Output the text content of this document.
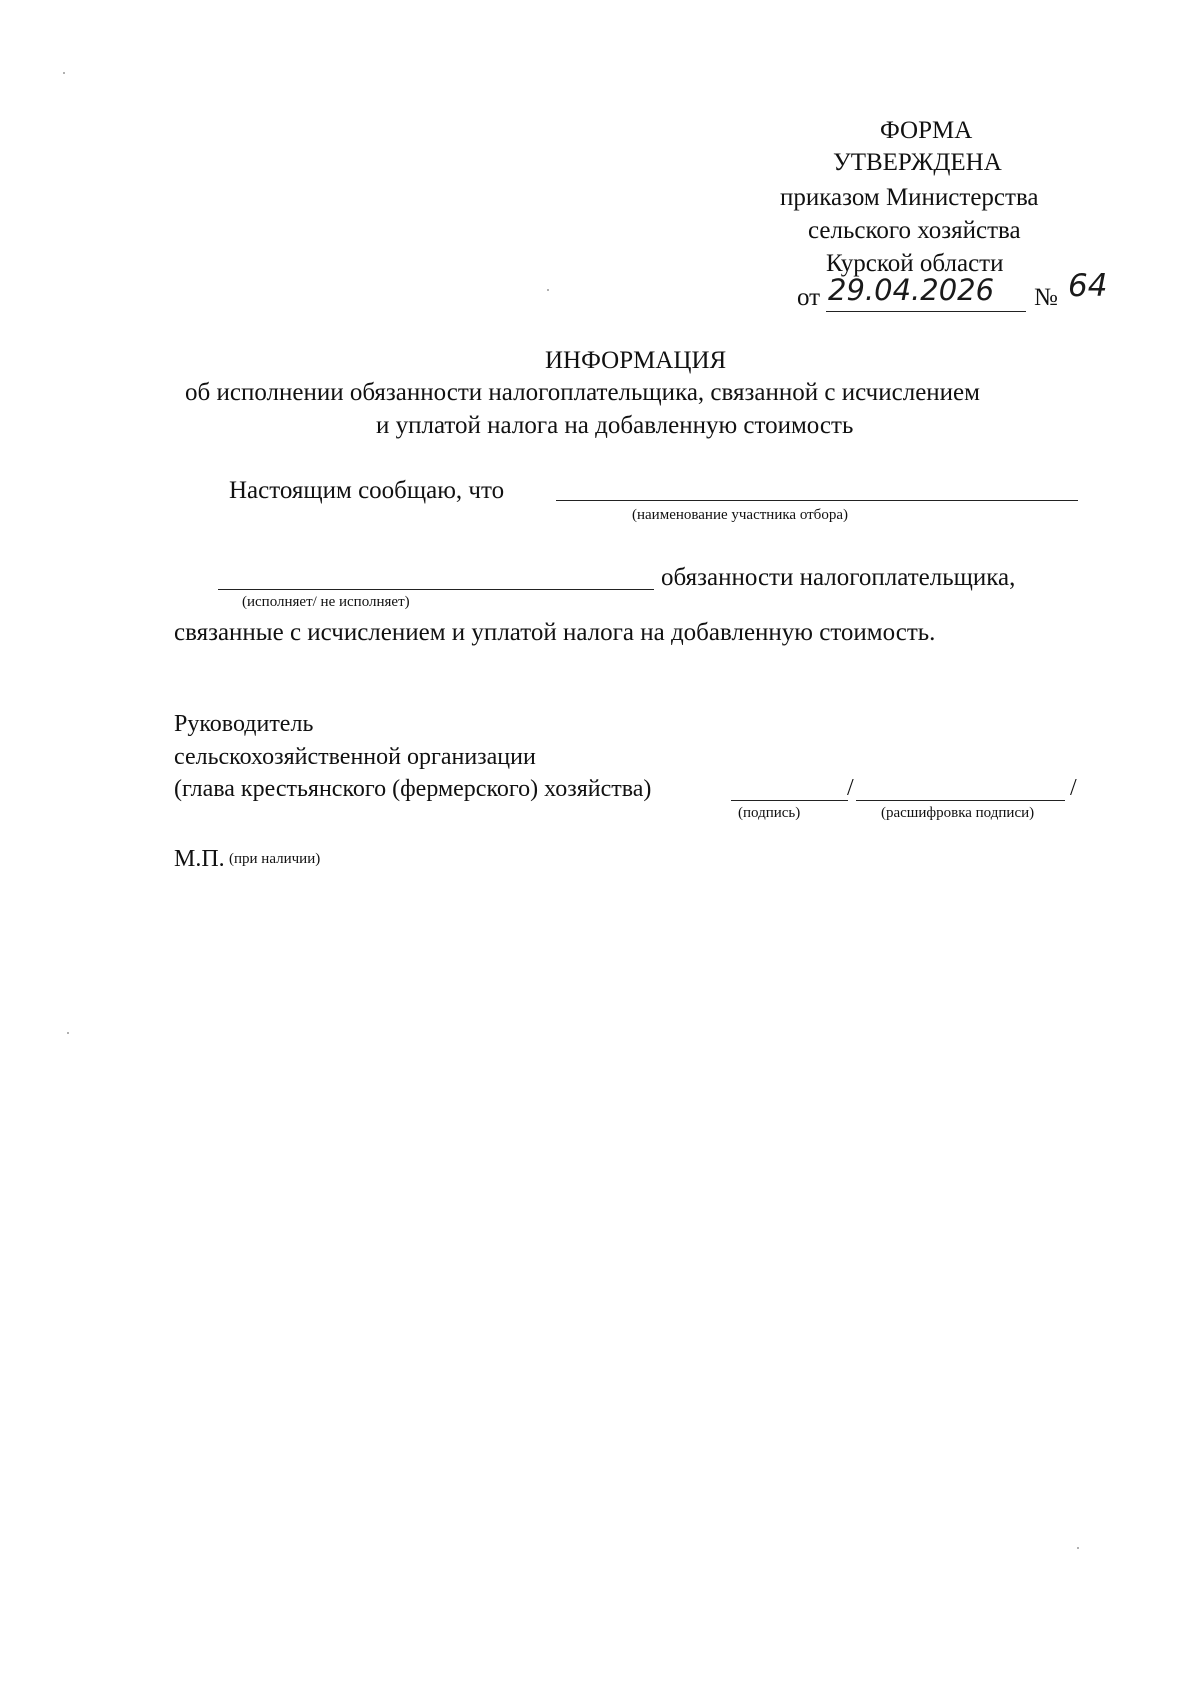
ФОРМА
УТВЕРЖДЕНА
приказом Министерства
сельского хозяйства
Курской области
от 29.04.2026 № 64
ИНФОРМАЦИЯ
об исполнении обязанности налогоплательщика, связанной с исчислением
и уплатой налога на добавленную стоимость
Настоящим сообщаю, что
(наименование участника отбора)
обязанности налогоплательщика,
(исполняет/ не исполняет)
связанные с исчислением и уплатой налога на добавленную стоимость.
Руководитель
сельскохозяйственной организации
(глава крестьянского (фермерского) хозяйства)	/	/
(подпись)	(расшифровка подписи)
М.П. (при наличии)
